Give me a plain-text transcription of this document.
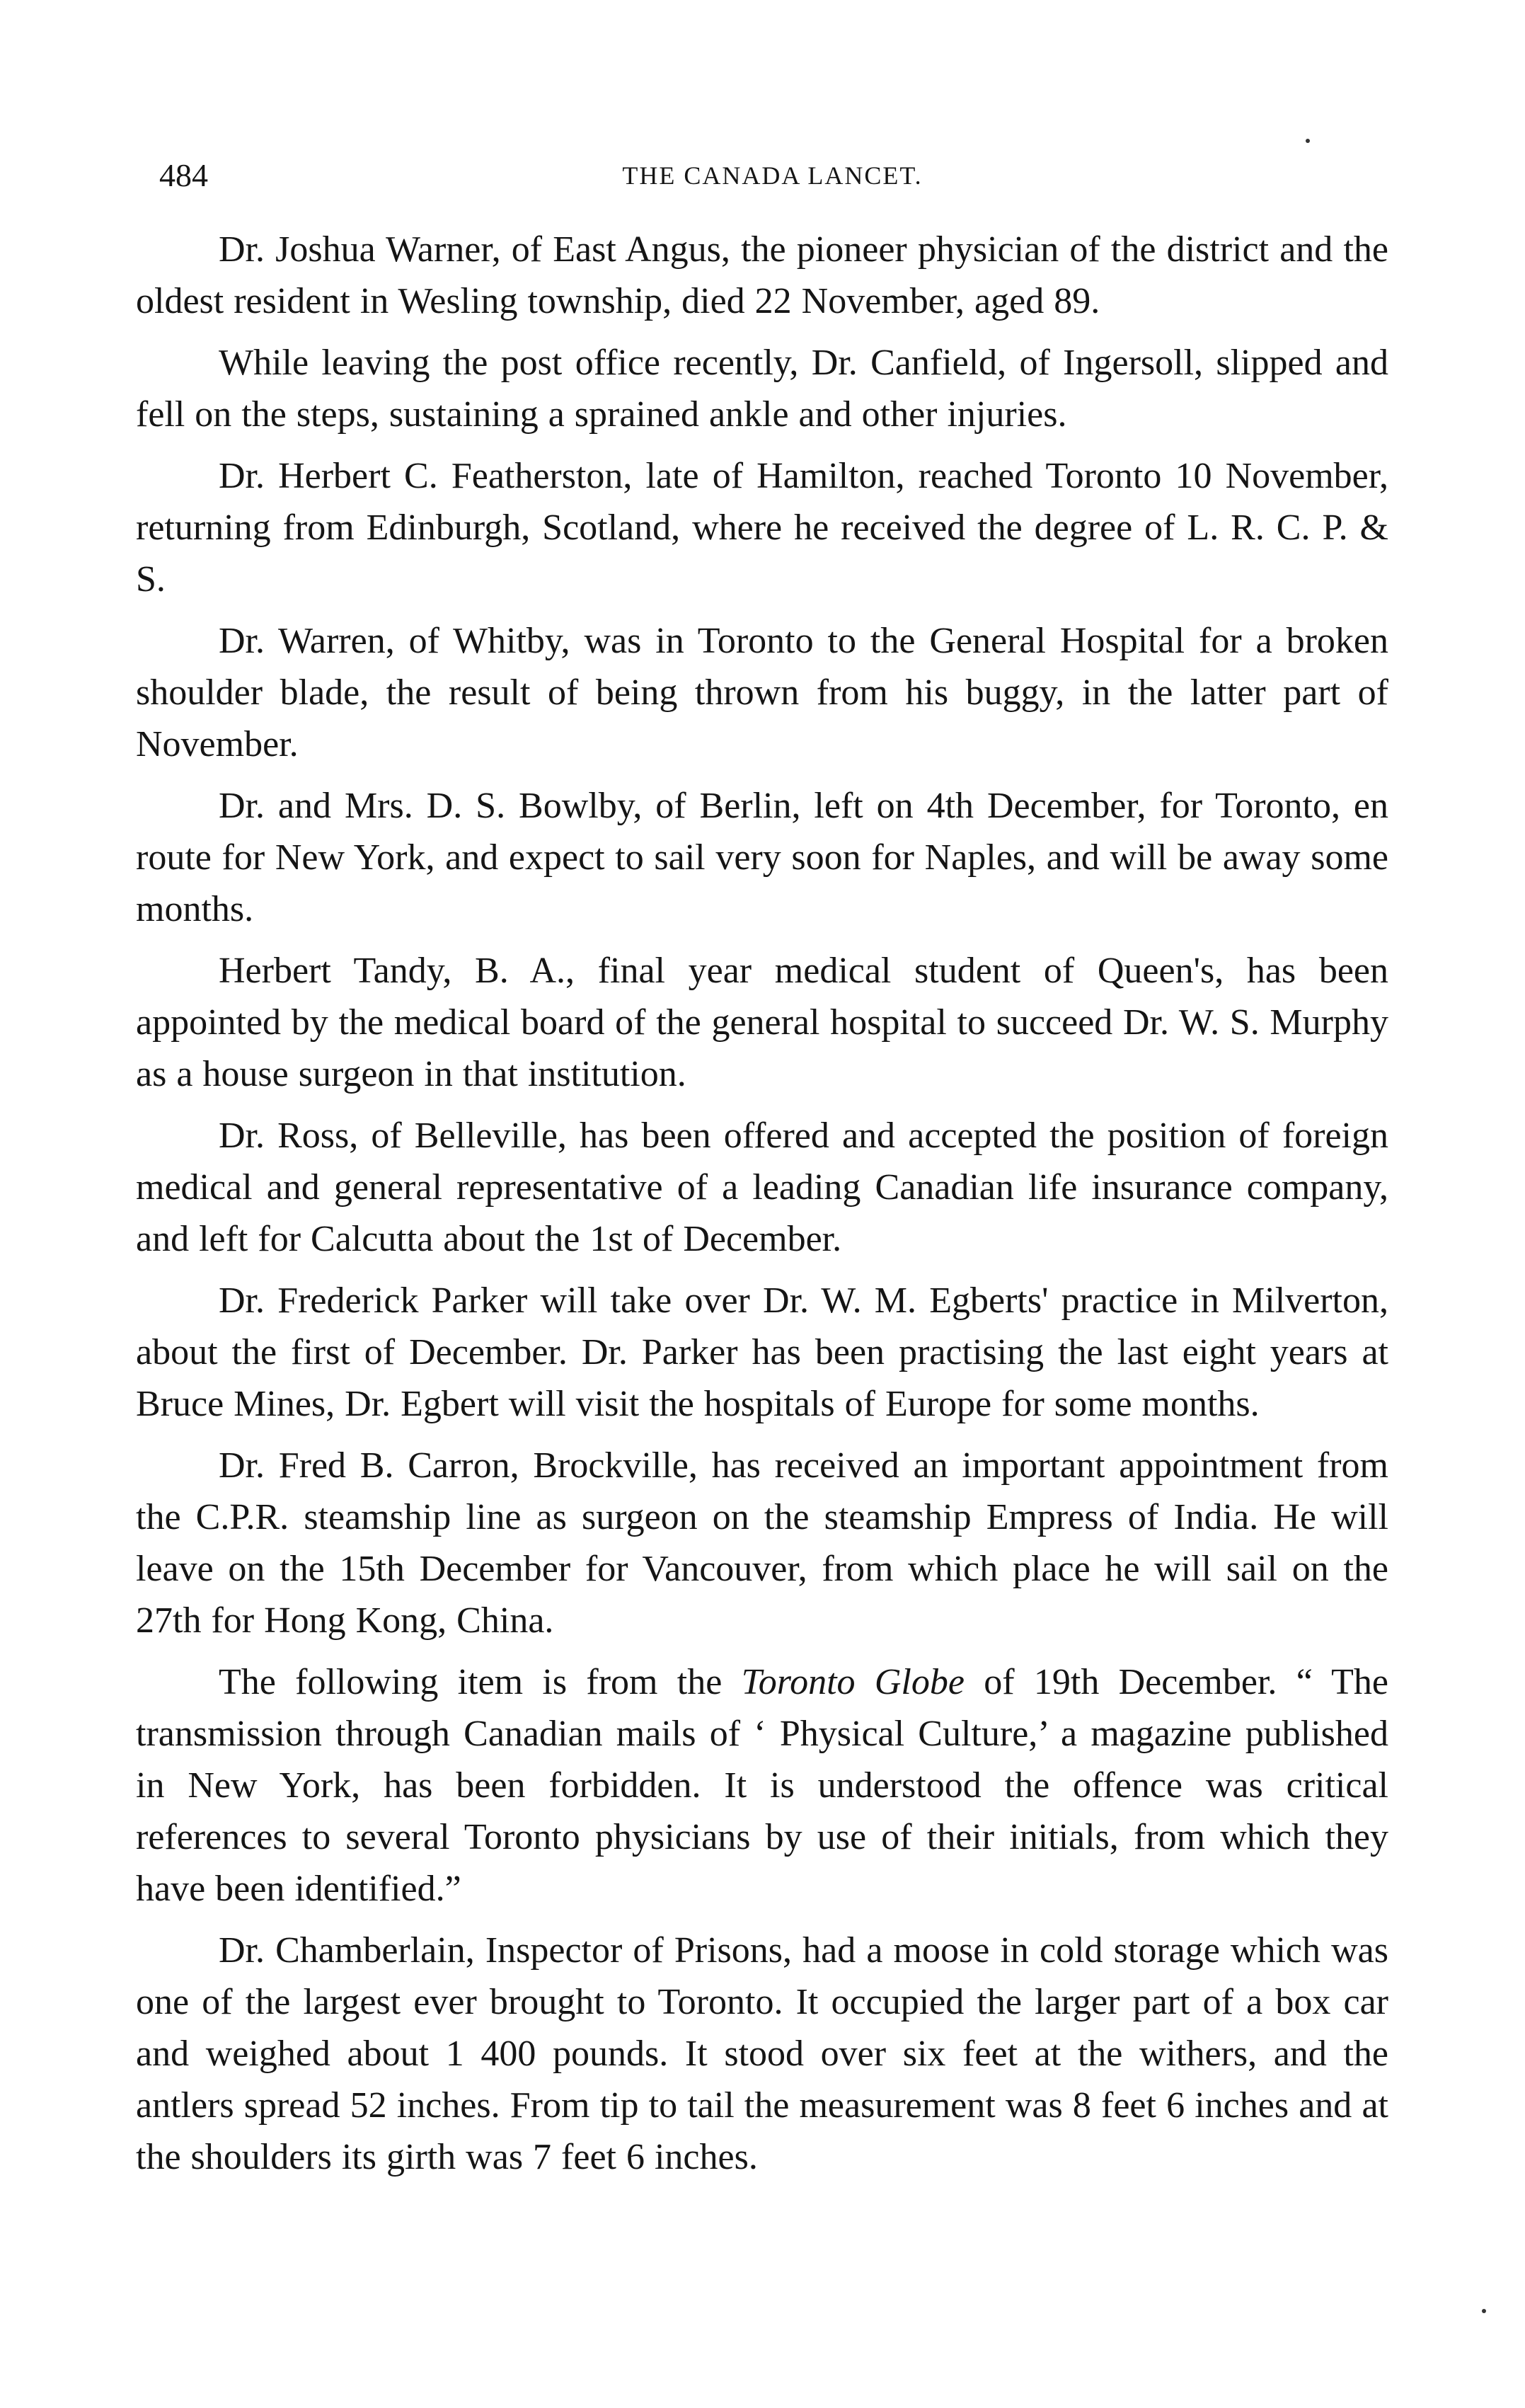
484	THE CANADA LANCET.

Dr. Joshua Warner, of East Angus, the pioneer physician of the district and the oldest resident in Wesling township, died 22 November, aged 89.

While leaving the post office recently, Dr. Canfield, of Ingersoll, slipped and fell on the steps, sustaining a sprained ankle and other injuries.

Dr. Herbert C. Featherston, late of Hamilton, reached Toronto 10 November, returning from Edinburgh, Scotland, where he received the degree of L. R. C. P. & S.

Dr. Warren, of Whitby, was in Toronto to the General Hospital for a broken shoulder blade, the result of being thrown from his buggy, in the latter part of November.

Dr. and Mrs. D. S. Bowlby, of Berlin, left on 4th December, for Toronto, en route for New York, and expect to sail very soon for Naples, and will be away some months.

Herbert Tandy, B. A., final year medical student of Queen's, has been appointed by the medical board of the general hospital to succeed Dr. W. S. Murphy as a house surgeon in that institution.

Dr. Ross, of Belleville, has been offered and accepted the position of foreign medical and general representative of a leading Canadian life insurance company, and left for Calcutta about the 1st of December.

Dr. Frederick Parker will take over Dr. W. M. Egberts' practice in Milverton, about the first of December. Dr. Parker has been practising the last eight years at Bruce Mines, Dr. Egbert will visit the hospitals of Europe for some months.

Dr. Fred B. Carron, Brockville, has received an important appointment from the C.P.R. steamship line as surgeon on the steamship Empress of India. He will leave on the 15th December for Vancouver, from which place he will sail on the 27th for Hong Kong, China.

The following item is from the Toronto Globe of 19th December. “ The transmission through Canadian mails of ‘ Physical Culture,’ a magazine published in New York, has been forbidden. It is understood the offence was critical references to several Toronto physicians by use of their initials, from which they have been identified.”

Dr. Chamberlain, Inspector of Prisons, had a moose in cold storage which was one of the largest ever brought to Toronto. It occupied the larger part of a box car and weighed about 1 400 pounds. It stood over six feet at the withers, and the antlers spread 52 inches. From tip to tail the measurement was 8 feet 6 inches and at the shoulders its girth was 7 feet 6 inches.
